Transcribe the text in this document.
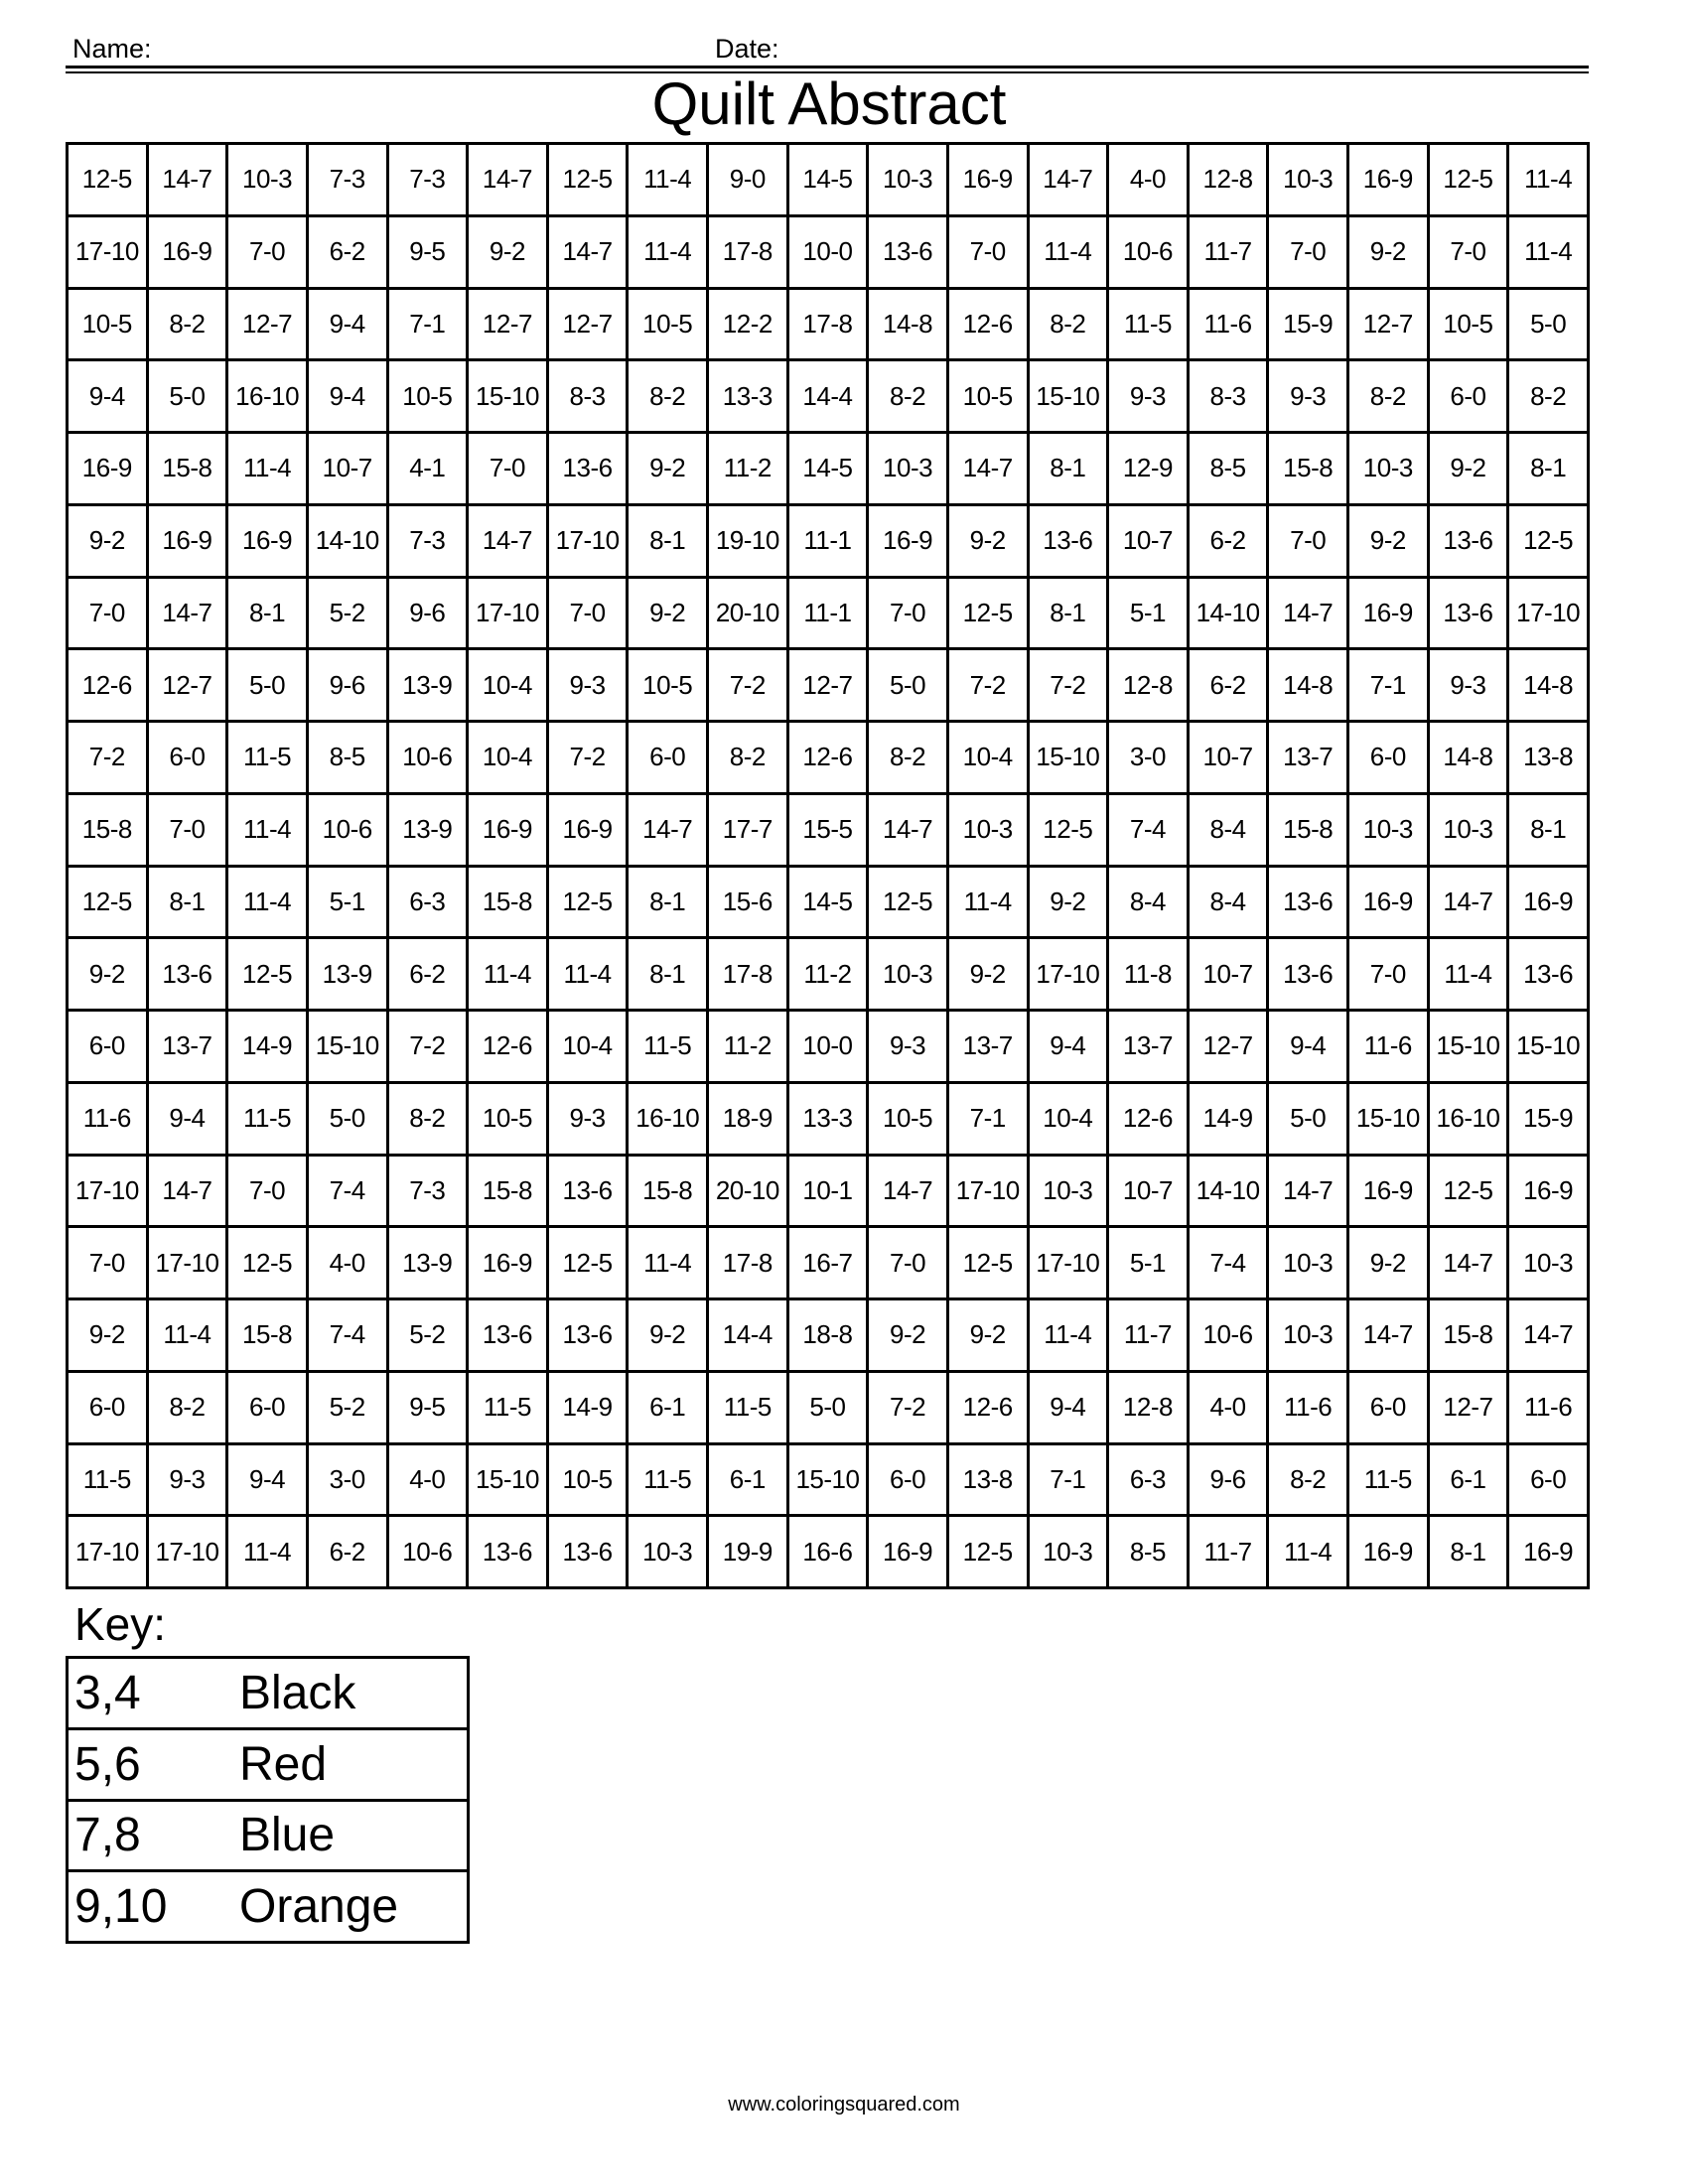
Name:	Date:
Quilt Abstract
12-5	14-7	10-3	7-3	7-3	14-7	12-5	11-4	9-0	14-5	10-3	16-9	14-7	4-0	12-8	10-3	16-9	12-5	11-4
17-10	16-9	7-0	6-2	9-5	9-2	14-7	11-4	17-8	10-0	13-6	7-0	11-4	10-6	11-7	7-0	9-2	7-0	11-4
10-5	8-2	12-7	9-4	7-1	12-7	12-7	10-5	12-2	17-8	14-8	12-6	8-2	11-5	11-6	15-9	12-7	10-5	5-0
9-4	5-0	16-10	9-4	10-5	15-10	8-3	8-2	13-3	14-4	8-2	10-5	15-10	9-3	8-3	9-3	8-2	6-0	8-2
16-9	15-8	11-4	10-7	4-1	7-0	13-6	9-2	11-2	14-5	10-3	14-7	8-1	12-9	8-5	15-8	10-3	9-2	8-1
9-2	16-9	16-9	14-10	7-3	14-7	17-10	8-1	19-10	11-1	16-9	9-2	13-6	10-7	6-2	7-0	9-2	13-6	12-5
7-0	14-7	8-1	5-2	9-6	17-10	7-0	9-2	20-10	11-1	7-0	12-5	8-1	5-1	14-10	14-7	16-9	13-6	17-10
12-6	12-7	5-0	9-6	13-9	10-4	9-3	10-5	7-2	12-7	5-0	7-2	7-2	12-8	6-2	14-8	7-1	9-3	14-8
7-2	6-0	11-5	8-5	10-6	10-4	7-2	6-0	8-2	12-6	8-2	10-4	15-10	3-0	10-7	13-7	6-0	14-8	13-8
15-8	7-0	11-4	10-6	13-9	16-9	16-9	14-7	17-7	15-5	14-7	10-3	12-5	7-4	8-4	15-8	10-3	10-3	8-1
12-5	8-1	11-4	5-1	6-3	15-8	12-5	8-1	15-6	14-5	12-5	11-4	9-2	8-4	8-4	13-6	16-9	14-7	16-9
9-2	13-6	12-5	13-9	6-2	11-4	11-4	8-1	17-8	11-2	10-3	9-2	17-10	11-8	10-7	13-6	7-0	11-4	13-6
6-0	13-7	14-9	15-10	7-2	12-6	10-4	11-5	11-2	10-0	9-3	13-7	9-4	13-7	12-7	9-4	11-6	15-10	15-10
11-6	9-4	11-5	5-0	8-2	10-5	9-3	16-10	18-9	13-3	10-5	7-1	10-4	12-6	14-9	5-0	15-10	16-10	15-9
17-10	14-7	7-0	7-4	7-3	15-8	13-6	15-8	20-10	10-1	14-7	17-10	10-3	10-7	14-10	14-7	16-9	12-5	16-9
7-0	17-10	12-5	4-0	13-9	16-9	12-5	11-4	17-8	16-7	7-0	12-5	17-10	5-1	7-4	10-3	9-2	14-7	10-3
9-2	11-4	15-8	7-4	5-2	13-6	13-6	9-2	14-4	18-8	9-2	9-2	11-4	11-7	10-6	10-3	14-7	15-8	14-7
6-0	8-2	6-0	5-2	9-5	11-5	14-9	6-1	11-5	5-0	7-2	12-6	9-4	12-8	4-0	11-6	6-0	12-7	11-6
11-5	9-3	9-4	3-0	4-0	15-10	10-5	11-5	6-1	15-10	6-0	13-8	7-1	6-3	9-6	8-2	11-5	6-1	6-0
17-10	17-10	11-4	6-2	10-6	13-6	13-6	10-3	19-9	16-6	16-9	12-5	10-3	8-5	11-7	11-4	16-9	8-1	16-9
Key:
3,4	Black
5,6	Red
7,8	Blue
9,10	Orange
www.coloringsquared.com
